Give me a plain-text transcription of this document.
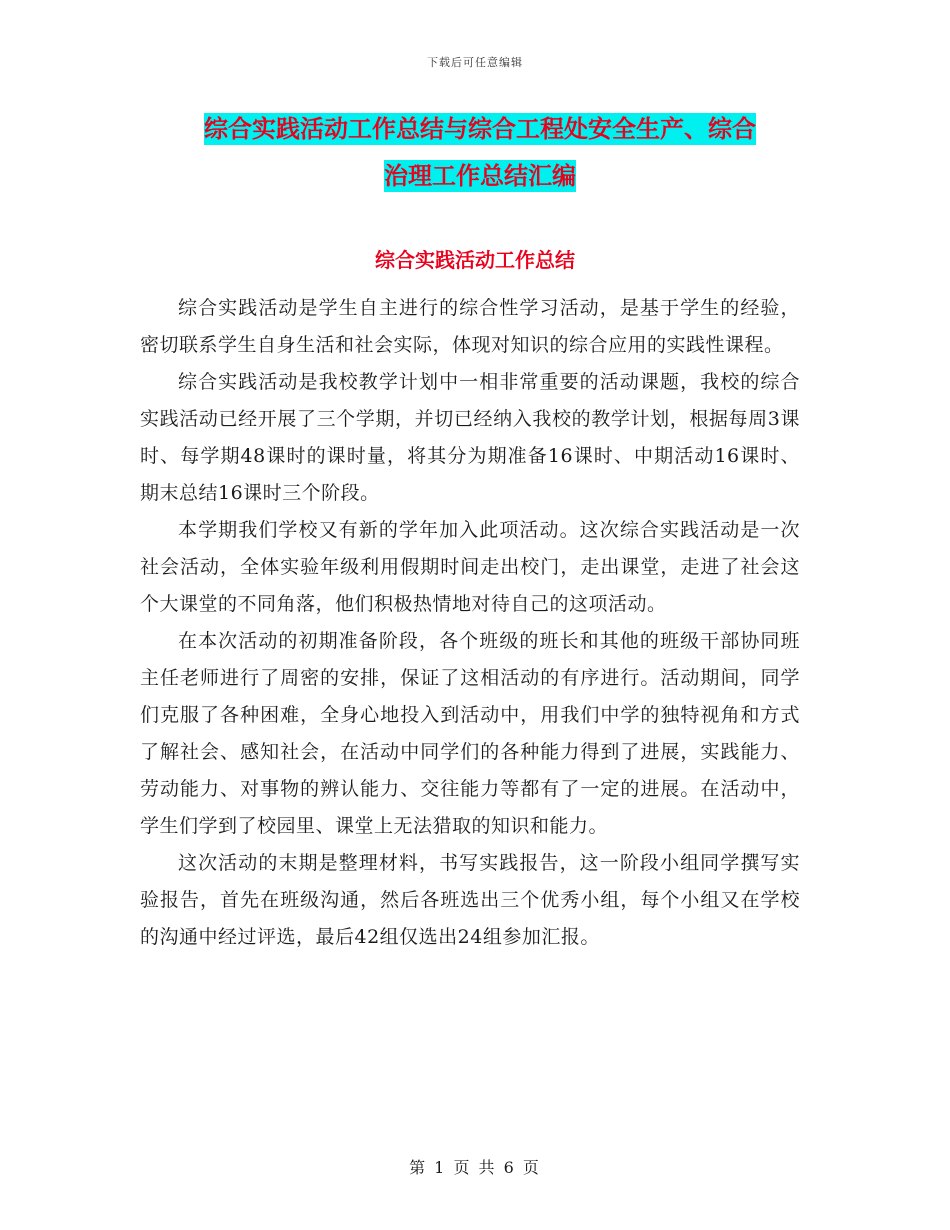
下载后可任意编辑
综合实践活动工作总结与综合工程处安全生产、综合
治理工作总结汇编
综合实践活动工作总结

综合实践活动是学生自主进行的综合性学习活动，是基于学生的经验，密切联系学生自身生活和社会实际，体现对知识的综合应用的实践性课程。

综合实践活动是我校教学计划中一相非常重要的活动课题，我校的综合实践活动已经开展了三个学期，并切已经纳入我校的教学计划，根据每周3课时、每学期48课时的课时量，将其分为期准备16课时、中期活动16课时、期末总结16课时三个阶段。

本学期我们学校又有新的学年加入此项活动。这次综合实践活动是一次社会活动，全体实验年级利用假期时间走出校门，走出课堂，走进了社会这个大课堂的不同角落，他们积极热情地对待自己的这项活动。

在本次活动的初期准备阶段，各个班级的班长和其他的班级干部协同班主任老师进行了周密的安排，保证了这相活动的有序进行。活动期间，同学们克服了各种困难，全身心地投入到活动中，用我们中学的独特视角和方式了解社会、感知社会，在活动中同学们的各种能力得到了进展，实践能力、劳动能力、对事物的辨认能力、交往能力等都有了一定的进展。在活动中，学生们学到了校园里、课堂上无法猎取的知识和能力。

这次活动的末期是整理材料，书写实践报告，这一阶段小组同学撰写实验报告，首先在班级沟通，然后各班选出三个优秀小组，每个小组又在学校的沟通中经过评选，最后42组仅选出24组参加汇报。

第 1 页 共 6 页
